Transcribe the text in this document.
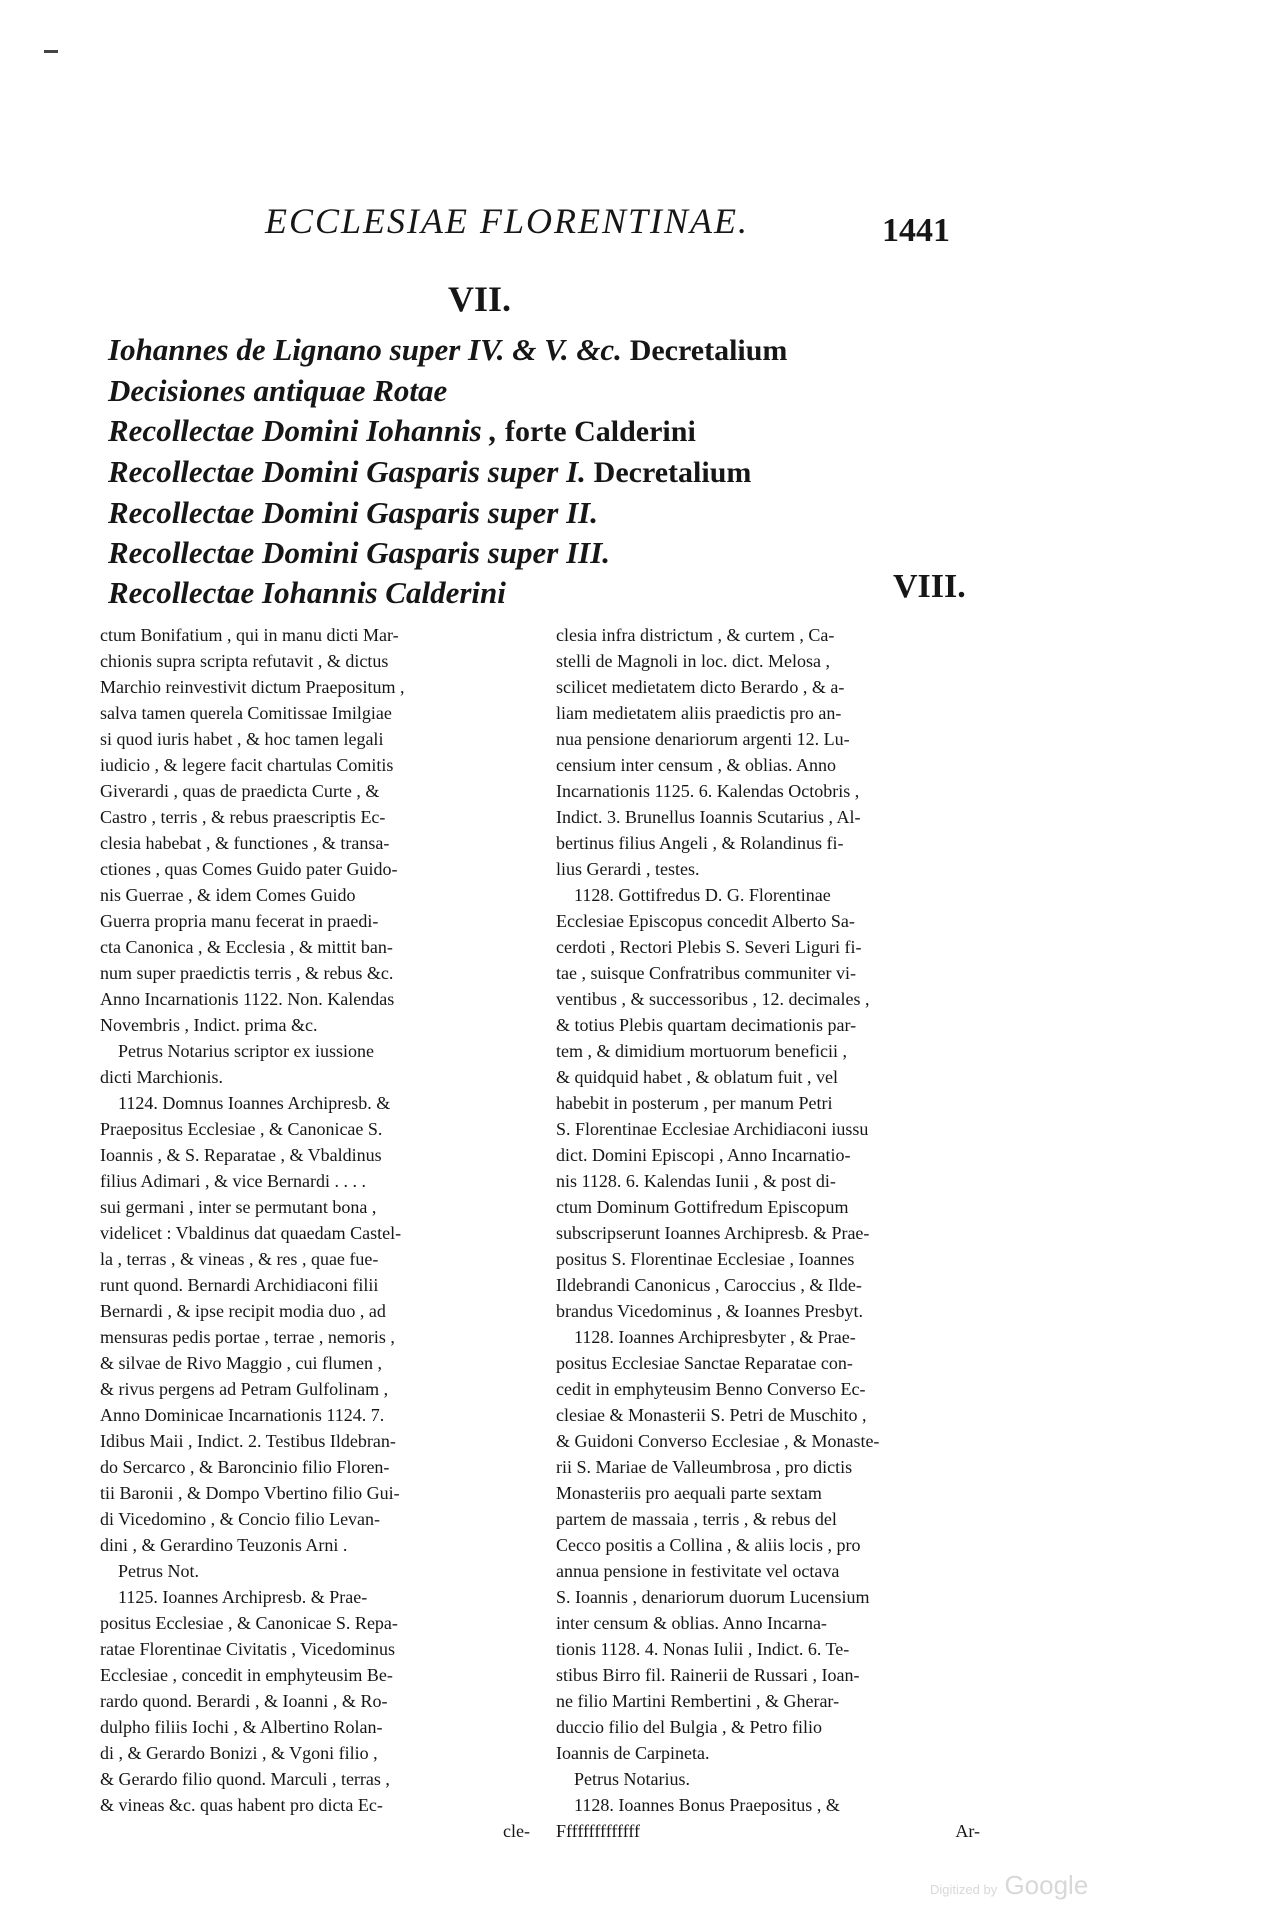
ECCLESIAE FLORENTINAE.	1441
VII.
Iohannes de Lignano super IV. & V. &c. Decretalium
Decisiones antiquae Rotae
Recollectae Domini Iohannis , forte Calderini
Recollectae Domini Gasparis super I. Decretalium
Recollectae Domini Gasparis super II.
Recollectae Domini Gasparis super III.
Recollectae Iohannis Calderini	VIII.

ctum Bonifatium , qui in manu dicti Mar-

chionis supra scripta refutavit , & dictus

Marchio reinvestivit dictum Praepositum ,

salva tamen querela Comitissae Imilgiae

si quod iuris habet , & hoc tamen legali

iudicio , & legere facit chartulas Comitis

Giverardi , quas de praedicta Curte , &

Castro , terris , & rebus praescriptis Ec-

clesia habebat , & functiones , & transa-

ctiones , quas Comes Guido pater Guido-

nis Guerrae , & idem Comes Guido

Guerra propria manu fecerat in praedi-

cta Canonica , & Ecclesia , & mittit ban-

num super praedictis terris , & rebus &c.

Anno Incarnationis 1122. Non. Kalendas

Novembris , Indict. prima &c.

Petrus Notarius scriptor ex iussione

dicti Marchionis.

1124. Domnus Ioannes Archipresb. &

Praepositus Ecclesiae , & Canonicae S.

Ioannis , & S. Reparatae , & Vbaldinus

filius Adimari , & vice Bernardi . . . .

sui germani , inter se permutant bona ,

videlicet : Vbaldinus dat quaedam Castel-

la , terras , & vineas , & res , quae fue-

runt quond. Bernardi Archidiaconi filii

Bernardi , & ipse recipit modia duo , ad

mensuras pedis portae , terrae , nemoris ,

& silvae de Rivo Maggio , cui flumen ,

& rivus pergens ad Petram Gulfolinam ,

Anno Dominicae Incarnationis 1124. 7.

Idibus Maii , Indict. 2. Testibus Ildebran-

do Sercarco , & Baroncinio filio Floren-

tii Baronii , & Dompo Vbertino filio Gui-

di Vicedomino , & Concio filio Levan-

dini , & Gerardino Teuzonis Arni .

Petrus Not.

1125. Ioannes Archipresb. & Prae-

positus Ecclesiae , & Canonicae S. Repa-

ratae Florentinae Civitatis , Vicedominus

Ecclesiae , concedit in emphyteusim Be-

rardo quond. Berardi , & Ioanni , & Ro-

dulpho filiis Iochi , & Albertino Rolan-

di , & Gerardo Bonizi , & Vgoni filio ,

& Gerardo filio quond. Marculi , terras ,

& vineas &c. quas habent pro dicta Ec-

cle-

clesia infra districtum , & curtem , Ca-

stelli de Magnoli in loc. dict. Melosa ,

scilicet medietatem dicto Berardo , & a-

liam medietatem aliis praedictis pro an-

nua pensione denariorum argenti 12. Lu-

censium inter censum , & oblias. Anno

Incarnationis 1125. 6. Kalendas Octobris ,

Indict. 3. Brunellus Ioannis Scutarius , Al-

bertinus filius Angeli , & Rolandinus fi-

lius Gerardi , testes.

1128. Gottifredus D. G. Florentinae

Ecclesiae Episcopus concedit Alberto Sa-

cerdoti , Rectori Plebis S. Severi Liguri fi-

tae , suisque Confratribus communiter vi-

ventibus , & successoribus , 12. decimales ,

& totius Plebis quartam decimationis par-

tem , & dimidium mortuorum beneficii ,

& quidquid habet , & oblatum fuit , vel

habebit in posterum , per manum Petri

S. Florentinae Ecclesiae Archidiaconi iussu

dict. Domini Episcopi , Anno Incarnatio-

nis 1128. 6. Kalendas Iunii , & post di-

ctum Dominum Gottifredum Episcopum

subscripserunt Ioannes Archipresb. & Prae-

positus S. Florentinae Ecclesiae , Ioannes

Ildebrandi Canonicus , Caroccius , & Ilde-

brandus Vicedominus , & Ioannes Presbyt.

1128. Ioannes Archipresbyter , & Prae-

positus Ecclesiae Sanctae Reparatae con-

cedit in emphyteusim Benno Converso Ec-

clesiae & Monasterii S. Petri de Muschito ,

& Guidoni Converso Ecclesiae , & Monaste-

rii S. Mariae de Valleumbrosa , pro dictis

Monasteriis pro aequali parte sextam

partem de massaia , terris , & rebus del

Cecco positis a Collina , & aliis locis , pro

annua pensione in festivitate vel octava

S. Ioannis , denariorum duorum Lucensium

inter censum & oblias. Anno Incarna-

tionis 1128. 4. Nonas Iulii , Indict. 6. Te-

stibus Birro fil. Rainerii de Russari , Ioan-

ne filio Martini Rembertini , & Gherar-

duccio filio del Bulgia , & Petro filio

Ioannis de Carpineta.

Petrus Notarius.

1128. Ioannes Bonus Praepositus , &

Ffffffffffffff	Ar-

Digitized by Google
